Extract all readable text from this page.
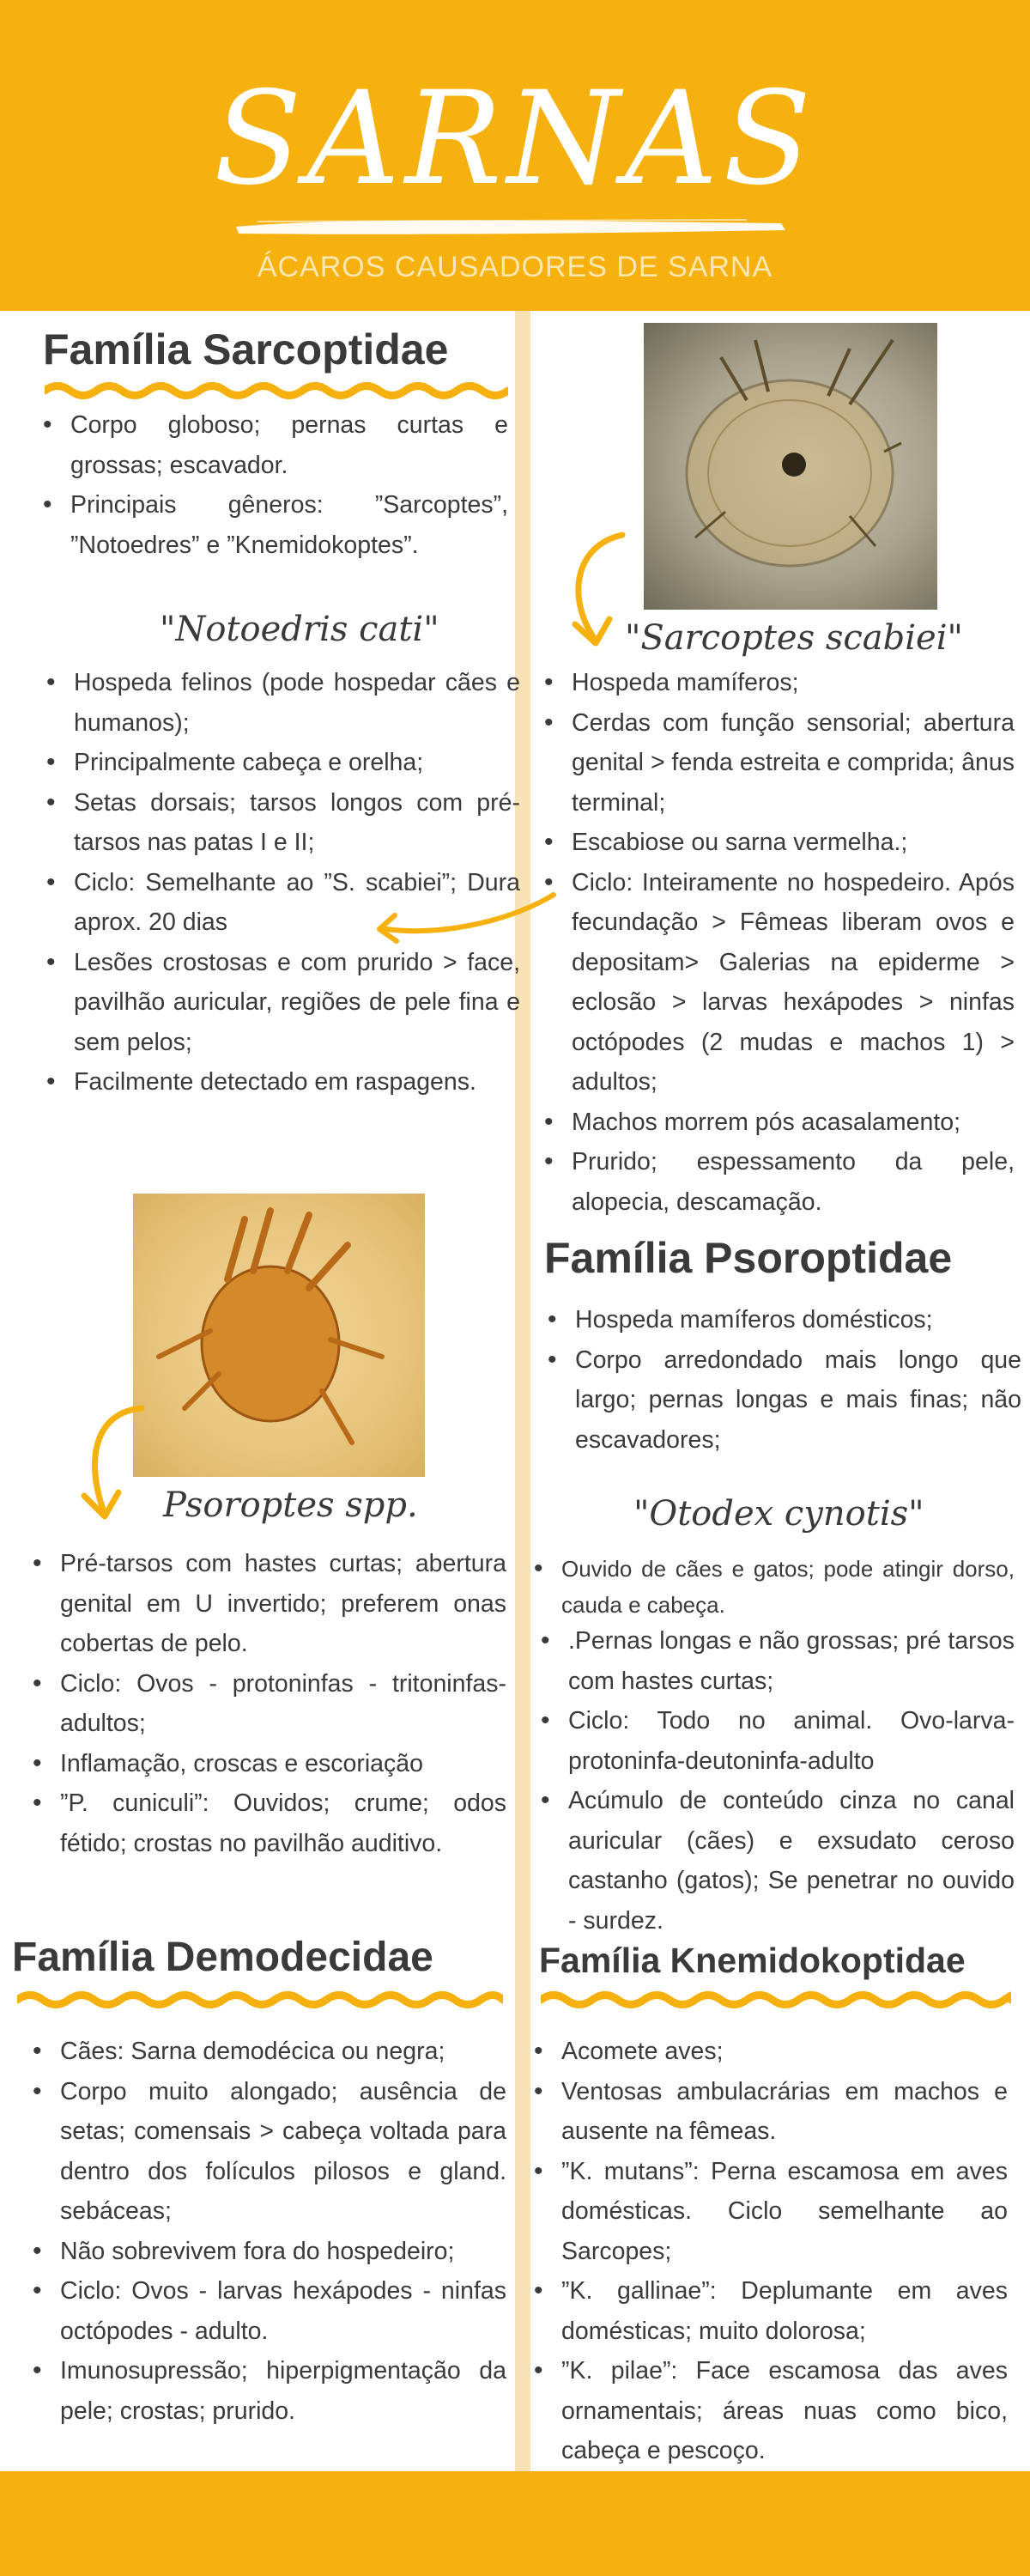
SARNAS
ÁCAROS CAUSADORES DE SARNA
Família Sarcoptidae
• Corpo globoso; pernas curtas e grossas; escavador.
• Principais gêneros: ”Sarcoptes”, ”Notoedres” e ”Knemidokoptes”.
"Notoedris cati"
• Hospeda felinos (pode hospedar cães e humanos);
• Principalmente cabeça e orelha;
• Setas dorsais; tarsos longos com pré-tarsos nas patas I e II;
• Ciclo: Semelhante ao ”S. scabiei”; Dura aprox. 20 dias
• Lesões crostosas e com prurido > face, pavilhão auricular, regiões de pele fina e sem pelos;
• Facilmente detectado em raspagens.
"Sarcoptes scabiei"
• Hospeda mamíferos;
• Cerdas com função sensorial; abertura genital > fenda estreita e comprida; ânus terminal;
• Escabiose ou sarna vermelha.;
• Ciclo: Inteiramente no hospedeiro. Após fecundação > Fêmeas liberam ovos e depositam> Galerias na epiderme > eclosão > larvas hexápodes > ninfas octópodes (2 mudas e machos 1) > adultos;
• Machos morrem pós acasalamento;
• Prurido; espessamento da pele, alopecia, descamação.
Família Psoroptidae
• Hospeda mamíferos domésticos;
• Corpo arredondado mais longo que largo; pernas longas e mais finas; não escavadores;
Psoroptes spp.
• Pré-tarsos com hastes curtas; abertura genital em U invertido; preferem onas cobertas de pelo.
• Ciclo: Ovos - protoninfas - tritoninfas-adultos;
• Inflamação, croscas e escoriação
• ”P. cuniculi”: Ouvidos; crume; odos fétido; crostas no pavilhão auditivo.
"Otodex cynotis"
• Ouvido de cães e gatos; pode atingir dorso, cauda e cabeça.
• .Pernas longas e não grossas; pré tarsos com hastes curtas;
• Ciclo: Todo no animal. Ovo-larva-protoninfa-deutoninfa-adulto
• Acúmulo de conteúdo cinza no canal auricular (cães) e exsudato ceroso castanho (gatos); Se penetrar no ouvido - surdez.
Família Demodecidae
• Cães: Sarna demodécica ou negra;
• Corpo muito alongado; ausência de setas; comensais > cabeça voltada para dentro dos folículos pilosos e gland. sebáceas;
• Não sobrevivem fora do hospedeiro;
• Ciclo: Ovos - larvas hexápodes - ninfas octópodes - adulto.
• Imunosupressão; hiperpigmentação da pele; crostas; prurido.
Família Knemidokoptidae
• Acomete aves;
• Ventosas ambulacrárias em machos e ausente na fêmeas.
• ”K. mutans”: Perna escamosa em aves domésticas. Ciclo semelhante ao Sarcopes;
• ”K. gallinae”: Deplumante em aves domésticas; muito dolorosa;
• ”K. pilae”: Face escamosa das aves ornamentais; áreas nuas como bico, cabeça e pescoço.
